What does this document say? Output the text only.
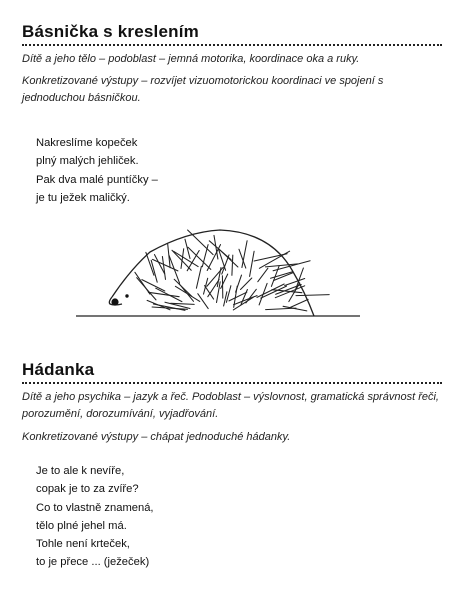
Básnička s kreslením

Dítě a jeho tělo – podoblast – jemná motorika, koordinace oka a ruky.

Konkretizované výstupy – rozvíjet vizuomotorickou koordinaci ve spojení s jednoduchou básničkou.

Nakreslíme kopeček
plný malých jehliček.
Pak dva malé puntíčky –
je tu ježek maličký.
Hádanka

Dítě a jeho psychika – jazyk a řeč. Podoblast – výslovnost, gramatická správnost řeči, porozumění, dorozumívání, vyjadřování.

Konkretizované výstupy – chápat jednoduché hádanky.

Je to ale k nevíře,
copak je to za zvíře?
Co to vlastně znamená,
tělo plné jehel má.
Tohle není krteček,
to je přece ... (ježeček)
